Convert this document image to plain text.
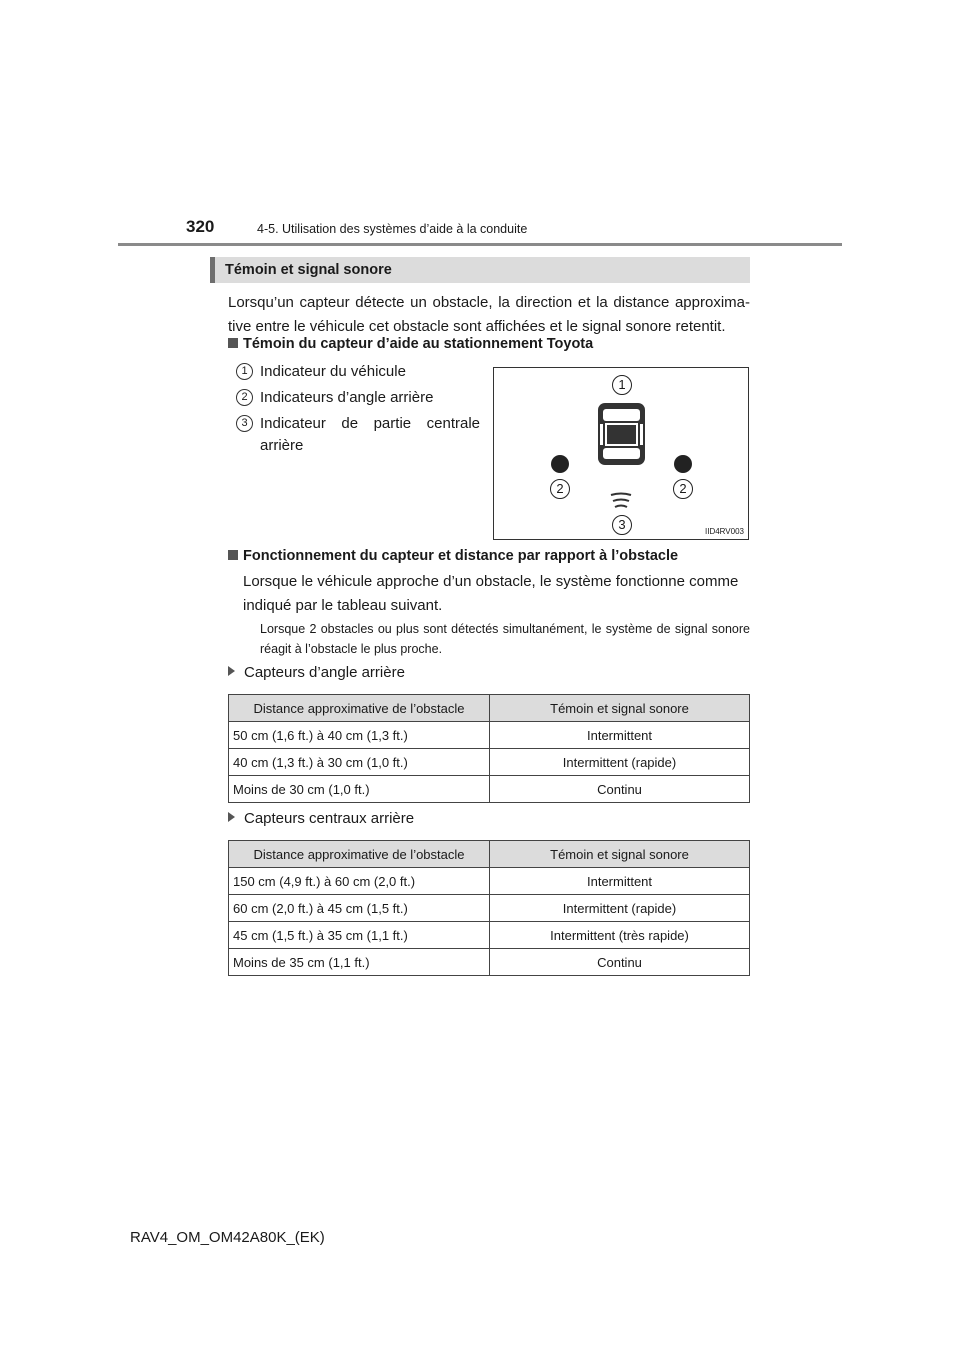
320	4-5. Utilisation des systèmes d’aide à la conduite
Témoin et signal sonore
Lorsqu’un capteur détecte un obstacle, la direction et la distance approxima-tive entre le véhicule cet obstacle sont affichées et le signal sonore retentit.
Témoin du capteur d’aide au stationnement Toyota
1 Indicateur du véhicule
2 Indicateurs d’angle arrière
3 Indicateur de partie centrale arrière
1
2	2
3	IID4RV003
Fonctionnement du capteur et distance par rapport à l’obstacle
Lorsque le véhicule approche d’un obstacle, le système fonctionne comme indiqué par le tableau suivant.
Lorsque 2 obstacles ou plus sont détectés simultanément, le système de signal sonore réagit à l’obstacle le plus proche.
Capteurs d’angle arrière
Distance approximative de l’obstacle	Témoin et signal sonore
50 cm (1,6 ft.) à 40 cm (1,3 ft.)	Intermittent
40 cm (1,3 ft.) à 30 cm (1,0 ft.)	Intermittent (rapide)
Moins de 30 cm (1,0 ft.)	Continu
Capteurs centraux arrière
Distance approximative de l’obstacle	Témoin et signal sonore
150 cm (4,9 ft.) à 60 cm (2,0 ft.)	Intermittent
60 cm (2,0 ft.) à 45 cm (1,5 ft.)	Intermittent (rapide)
45 cm (1,5 ft.) à 35 cm (1,1 ft.)	Intermittent (très rapide)
Moins de 35 cm (1,1 ft.)	Continu
RAV4_OM_OM42A80K_(EK)
